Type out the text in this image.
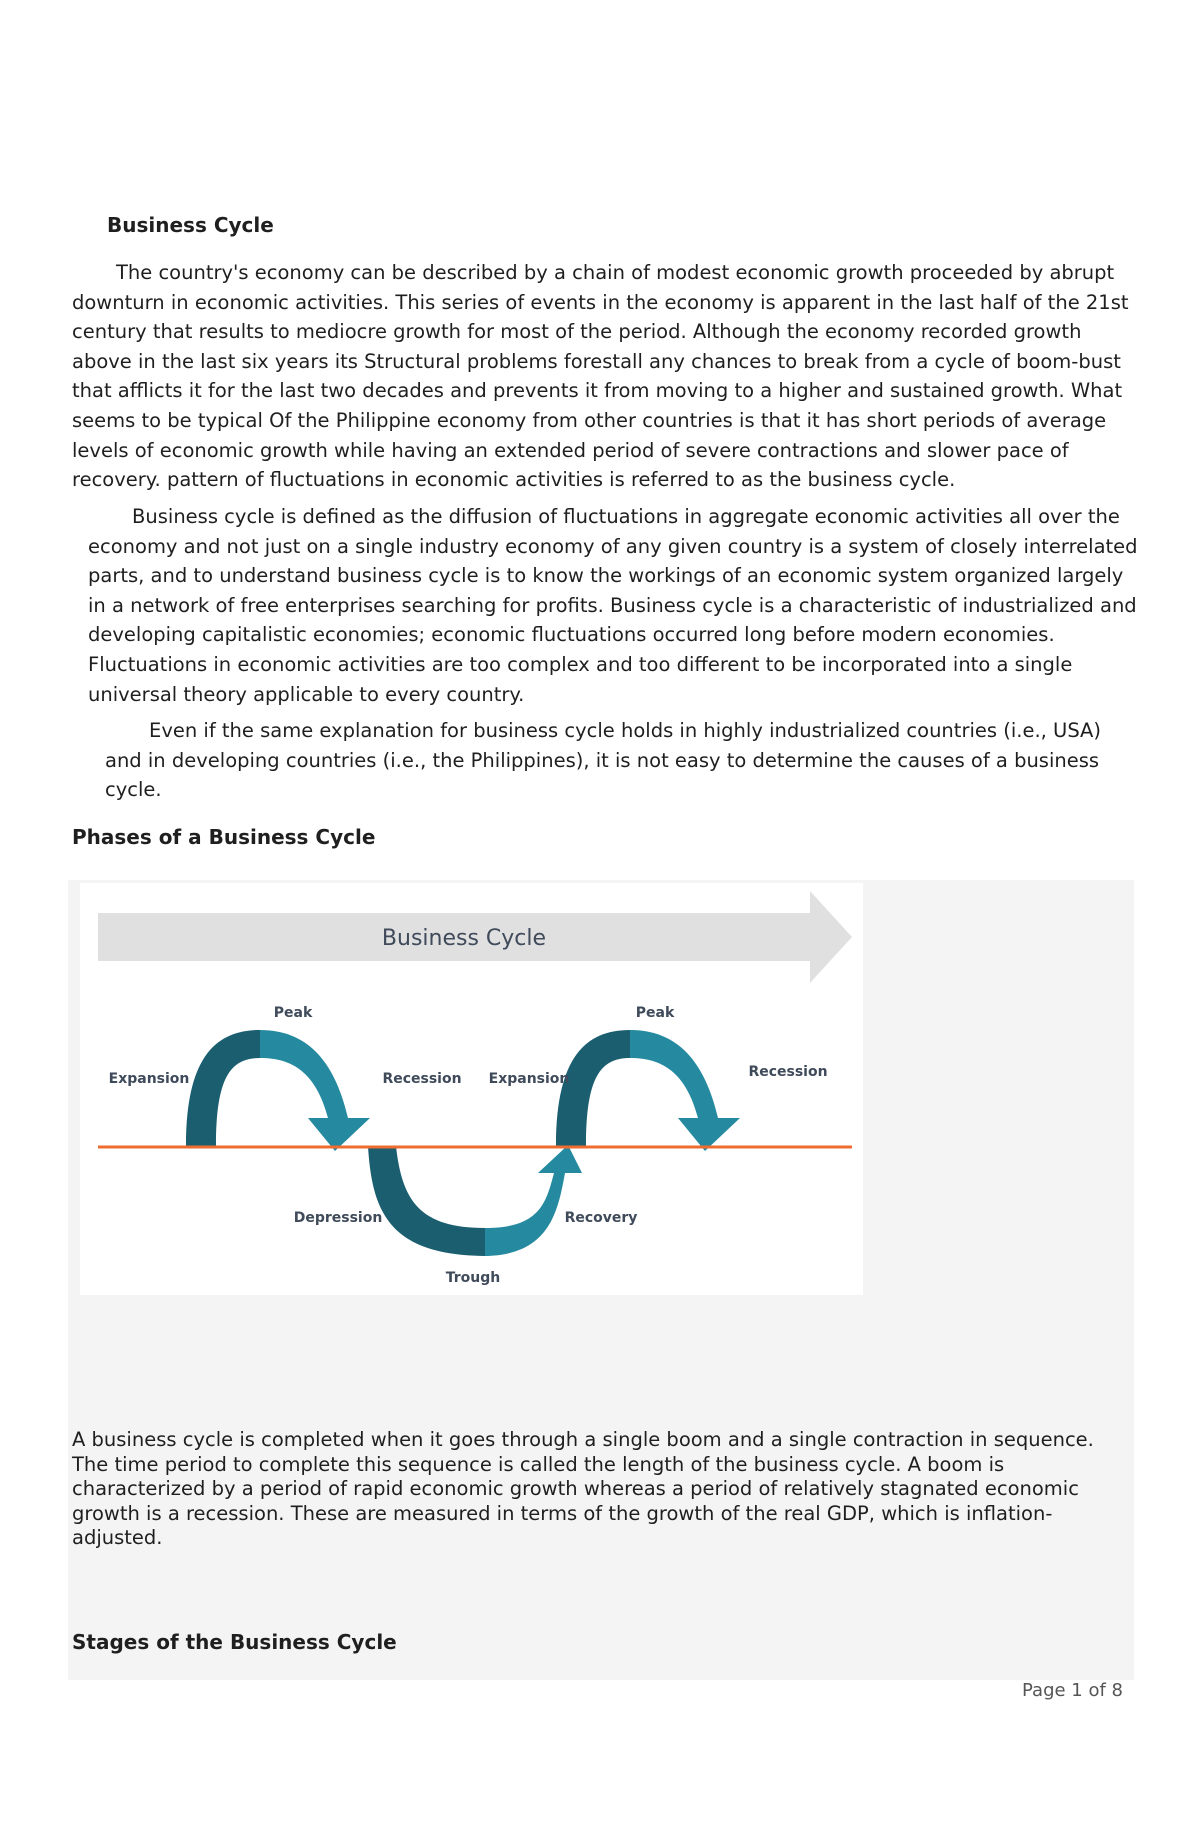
Business Cycle

The country's economy can be described by a chain of modest economic growth proceeded by abrupt downturn in economic activities. This series of events in the economy is apparent in the last half of the 21st century that results to mediocre growth for most of the period. Although the economy recorded growth above in the last six years its Structural problems forestall any chances to break from a cycle of boom-bust that afflicts it for the last two decades and prevents it from moving to a higher and sustained growth. What seems to be typical Of the Philippine economy from other countries is that it has short periods of average levels of economic growth while having an extended period of severe contractions and slower pace of recovery. pattern of fluctuations in economic activities is referred to as the business cycle.

Business cycle is defined as the diffusion of fluctuations in aggregate economic activities all over the economy and not just on a single industry economy of any given country is a system of closely interrelated parts, and to understand business cycle is to know the workings of an economic system organized largely in a network of free enterprises searching for profits. Business cycle is a characteristic of industrialized and developing capitalistic economies; economic fluctuations occurred long before modern economies. Fluctuations in economic activities are too complex and too different to be incorporated into a single universal theory applicable to every country.

Even if the same explanation for business cycle holds in highly industrialized countries (i.e., USA) and in developing countries (i.e., the Philippines), it is not easy to determine the causes of a business cycle.

Phases of a Business Cycle
Business Cycle
Peak	Peak
Expansion	Expansion
Recession	Recession
Depression	Recovery
Trough

A business cycle is completed when it goes through a single boom and a single contraction in sequence. The time period to complete this sequence is called the length of the business cycle. A boom is characterized by a period of rapid economic growth whereas a period of relatively stagnated economic growth is a recession. These are measured in terms of the growth of the real GDP, which is inflation-adjusted.

Stages of the Business Cycle
Page 1 of 8
